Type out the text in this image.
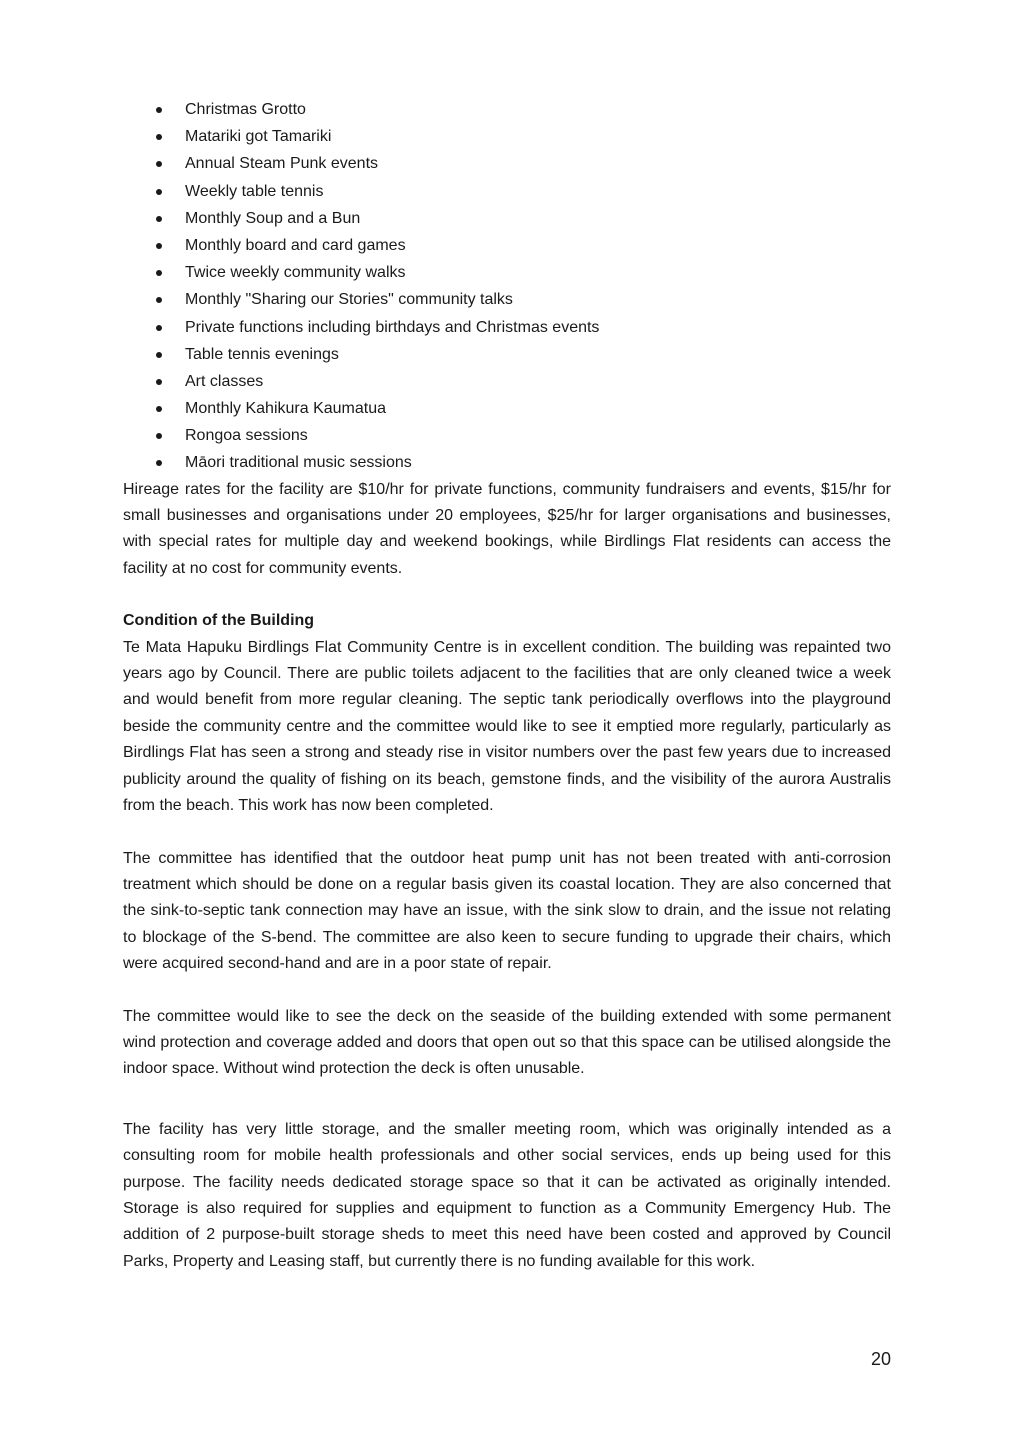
Christmas Grotto
Matariki got Tamariki
Annual Steam Punk events
Weekly table tennis
Monthly Soup and a Bun
Monthly board and card games
Twice weekly community walks
Monthly "Sharing our Stories" community talks
Private functions including birthdays and Christmas events
Table tennis evenings
Art classes
Monthly Kahikura Kaumatua
Rongoa sessions
Māori traditional music sessions

Hireage rates for the facility are $10/hr for private functions, community fundraisers and events, $15/hr for small businesses and organisations under 20 employees, $25/hr for larger organisations and businesses, with special rates for multiple day and weekend bookings, while Birdlings Flat residents can access the facility at no cost for community events.

Condition of the Building

Te Mata Hapuku Birdlings Flat Community Centre is in excellent condition. The building was repainted two years ago by Council. There are public toilets adjacent to the facilities that are only cleaned twice a week and would benefit from more regular cleaning. The septic tank periodically overflows into the playground beside the community centre and the committee would like to see it emptied more regularly, particularly as Birdlings Flat has seen a strong and steady rise in visitor numbers over the past few years due to increased publicity around the quality of fishing on its beach, gemstone finds, and the visibility of the aurora Australis from the beach. This work has now been completed.

The committee has identified that the outdoor heat pump unit has not been treated with anti-corrosion treatment which should be done on a regular basis given its coastal location. They are also concerned that the sink-to-septic tank connection may have an issue, with the sink slow to drain, and the issue not relating to blockage of the S-bend. The committee are also keen to secure funding to upgrade their chairs, which were acquired second-hand and are in a poor state of repair.

The committee would like to see the deck on the seaside of the building extended with some permanent wind protection and coverage added and doors that open out so that this space can be utilised alongside the indoor space. Without wind protection the deck is often unusable.

The facility has very little storage, and the smaller meeting room, which was originally intended as a consulting room for mobile health professionals and other social services, ends up being used for this purpose. The facility needs dedicated storage space so that it can be activated as originally intended. Storage is also required for supplies and equipment to function as a Community Emergency Hub. The addition of 2 purpose-built storage sheds to meet this need have been costed and approved by Council Parks, Property and Leasing staff, but currently there is no funding available for this work.

20
